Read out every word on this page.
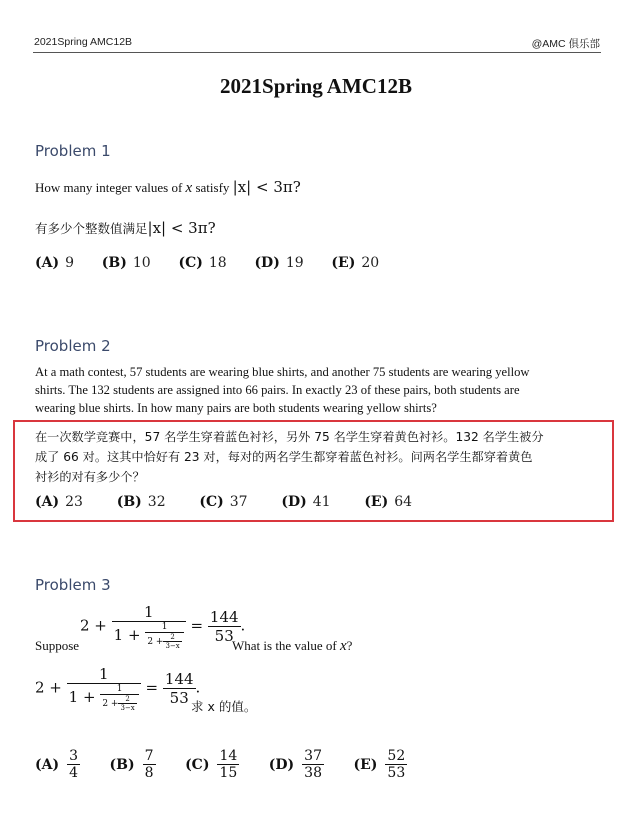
2021Spring AMC12B	@AMC 俱乐部
2021Spring AMC12B
Problem 1
How many integer values of x satisfy |x| < 3π?
有多少个整数值满足|x| < 3π?
(A) 9 (B) 10 (C) 18 (D) 19 (E) 20
Problem 2
At a math contest, 57 students are wearing blue shirts, and another 75 students are wearing yellow
shirts. The 132 students are assigned into 66 pairs. In exactly 23 of these pairs, both students are
wearing blue shirts. In how many pairs are both students wearing yellow shirts?
在一次数学竞赛中，57 名学生穿着蓝色衬衫，另外 75 名学生穿着黄色衬衫。132 名学生被分
成了 66 对。这其中恰好有 23 对，每对的两名学生都穿着蓝色衬衫。问两名学生都穿着黄色
衬衫的对有多少个？
(A) 23 (B) 32 (C) 37 (D) 41 (E) 64
Problem 3
$2 + \frac{1}{1 + \frac{1}{2 + \frac{2}{3-x}}} = \frac{144}{53}$ .
Suppose	What is the value of x?
$2 + \frac{1}{1 + \frac{1}{2 + \frac{2}{3-x}}} = \frac{144}{53}$ .
求 x 的值。
$(A) \frac{3}{4} (B) \frac{7}{8} (C) \frac{14}{15} (D) \frac{37}{38} (E) \frac{52}{53}$
